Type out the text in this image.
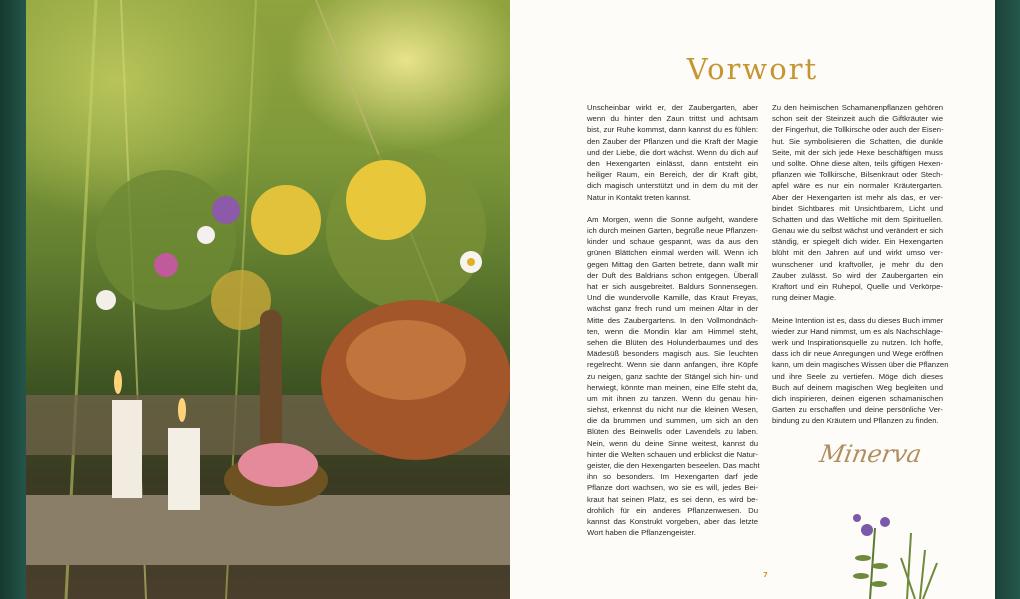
Vorwort

Unscheinbar wirkt er, der Zaubergarten, aber
wenn du hinter den Zaun trittst und achtsam
bist, zur Ruhe kommst, dann kannst du es fühlen:
den Zauber der Pflanzen und die Kraft der Magie
und der Liebe, die dort wächst. Wenn du dich auf
den Hexengarten einlässt, dann entsteht ein
heiliger Raum, ein Bereich, der dir Kraft gibt,
dich magisch unterstützt und in dem du mit der
Natur in Kontakt treten kannst.

Am Morgen, wenn die Sonne aufgeht, wandere
ich durch meinen Garten, begrüße neue Pflanzen-
kinder und schaue gespannt, was da aus den
grünen Blättchen einmal werden will. Wenn ich
gegen Mittag den Garten betrete, dann wallt mir
der Duft des Baldrians schon entgegen. Überall
hat er sich ausgebreitet. Baldurs Sonnensegen.
Und die wundervolle Kamille, das Kraut Freyas,
wächst ganz frech rund um meinen Altar in der
Mitte des Zaubergartens. In den Vollmondnäch-
ten, wenn die Mondin klar am Himmel steht,
sehen die Blüten des Holunderbaumes und des
Mädesüß besonders magisch aus. Sie leuchten
regelrecht. Wenn sie dann anfangen, ihre Köpfe
zu neigen, ganz sachte der Stängel sich hin- und
herwiegt, könnte man meinen, eine Elfe steht da,
um mit ihnen zu tanzen. Wenn du genau hin-
siehst, erkennst du nicht nur die kleinen Wesen,
die da brummen und summen, um sich an den
Blüten des Beinwells oder Lavendels zu laben.
Nein, wenn du deine Sinne weitest, kannst du
hinter die Welten schauen und erblickst die Natur-
geister, die den Hexengarten beseelen. Das macht
ihn so besonders. Im Hexengarten darf jede
Pflanze dort wachsen, wo sie es will, jedes Bei-
kraut hat seinen Platz, es sei denn, es wird be-
drohlich für ein anderes Pflanzenwesen. Du
kannst das Konstrukt vorgeben, aber das letzte
Wort haben die Pflanzengeister.

Zu den heimischen Schamanenpflanzen gehören
schon seit der Steinzeit auch die Giftkräuter wie
der Fingerhut, die Tollkirsche oder auch der Eisen-
hut. Sie symbolisieren die Schatten, die dunkle
Seite, mit der sich jede Hexe beschäftigen muss
und sollte. Ohne diese alten, teils giftigen Hexen-
pflanzen wie Tollkirsche, Bilsenkraut oder Stech-
apfel wäre es nur ein normaler Kräutergarten.
Aber der Hexengarten ist mehr als das, er ver-
bindet Sichtbares mit Unsichtbarem, Licht und
Schatten und das Weltliche mit dem Spirituellen.
Genau wie du selbst wächst und verändert er sich
ständig, er spiegelt dich wider. Ein Hexengarten
blüht mit den Jahren auf und wirkt umso ver-
wunschener und kraftvoller, je mehr du den
Zauber zulässt. So wird der Zaubergarten ein
Kraftort und ein Ruhepol, Quelle und Verkörpe-
rung deiner Magie.

Meine Intention ist es, dass du dieses Buch immer
wieder zur Hand nimmst, um es als Nachschlage-
werk und Inspirationsquelle zu nutzen. Ich hoffe,
dass ich dir neue Anregungen und Wege eröffnen
kann, um dein magisches Wissen über die Pflanzen
und ihre Seele zu vertiefen. Möge dich dieses
Buch auf deinem magischen Weg begleiten und
dich inspirieren, deinen eigenen schamanischen
Garten zu erschaffen und deine persönliche Ver-
bindung zu den Kräutern und Pflanzen zu finden.

Minerva
7
